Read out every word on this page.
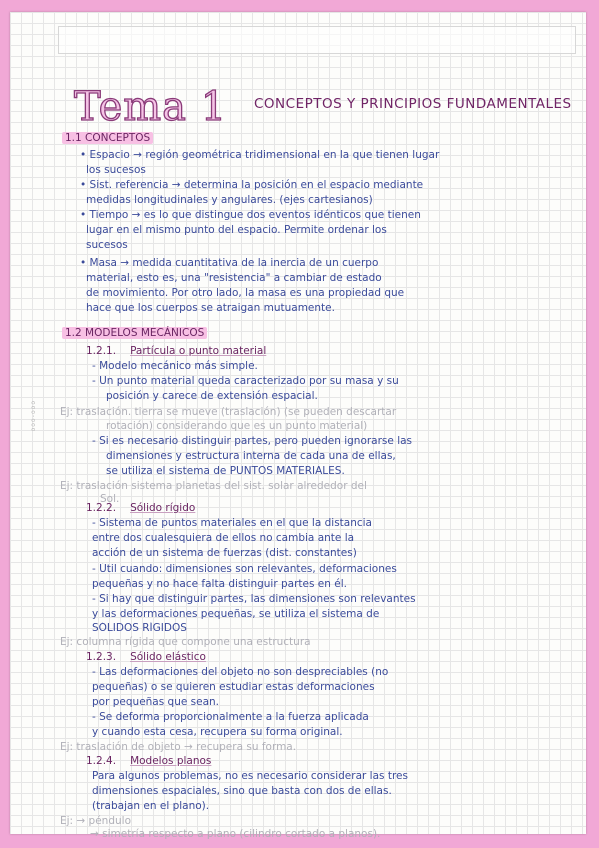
ooo-ooo
Tema 1 CONCEPTOS Y PRINCIPIOS FUNDAMENTALES
1.1 CONCEPTOS

• Espacio → región geométrica tridimensional en la que tienen lugar

los sucesos

• Sist. referencia → determina la posición en el espacio mediante

medidas longitudinales y angulares. (ejes cartesianos)

• Tiempo → es lo que distingue dos eventos idénticos que tienen

lugar en el mismo punto del espacio. Permite ordenar los

sucesos

• Masa → medida cuantitativa de la inercia de un cuerpo

material, esto es, una "resistencia" a cambiar de estado

de movimiento. Por otro lado, la masa es una propiedad que

hace que los cuerpos se atraigan mutuamente.

1.2 MODELOS MECÁNICOS
1.2.1. Partícula o punto material

- Modelo mecánico más simple.

- Un punto material queda caracterizado por su masa y su

posición y carece de extensión espacial.

Ej: traslación. tierra se mueve (traslación) (se pueden descartar

rotación) considerando que es un punto material)

- Si es necesario distinguir partes, pero pueden ignorarse las

dimensiones y estructura interna de cada una de ellas,

se utiliza el sistema de PUNTOS MATERIALES.

Ej: traslación sistema planetas del sist. solar alrededor del

Sol.

1.2.2. Sólido rígido

- Sistema de puntos materiales en el que la distancia

entre dos cualesquiera de ellos no cambia ante la

acción de un sistema de fuerzas (dist. constantes)

- Útil cuando: dimensiones son relevantes, deformaciones

pequeñas y no hace falta distinguir partes en él.

- Si hay que distinguir partes, las dimensiones son relevantes

y las deformaciones pequeñas, se utiliza el sistema de

SÓLIDOS RÍGIDOS

Ej: columna rígida que compone una estructura

1.2.3. Sólido elástico

- Las deformaciones del objeto no son despreciables (no

pequeñas) o se quieren estudiar estas deformaciones

por pequeñas que sean.

- Se deforma proporcionalmente a la fuerza aplicada

y cuando esta cesa, recupera su forma original.

Ej: traslación de objeto → recupera su forma.

1.2.4. Modelos planos

Para algunos problemas, no es necesario considerar las tres

dimensiones espaciales, sino que basta con dos de ellas.

(trabajan en el plano).

Ej: → péndulo

→ simetría respecto a plano (cilindro cortado a planos).
